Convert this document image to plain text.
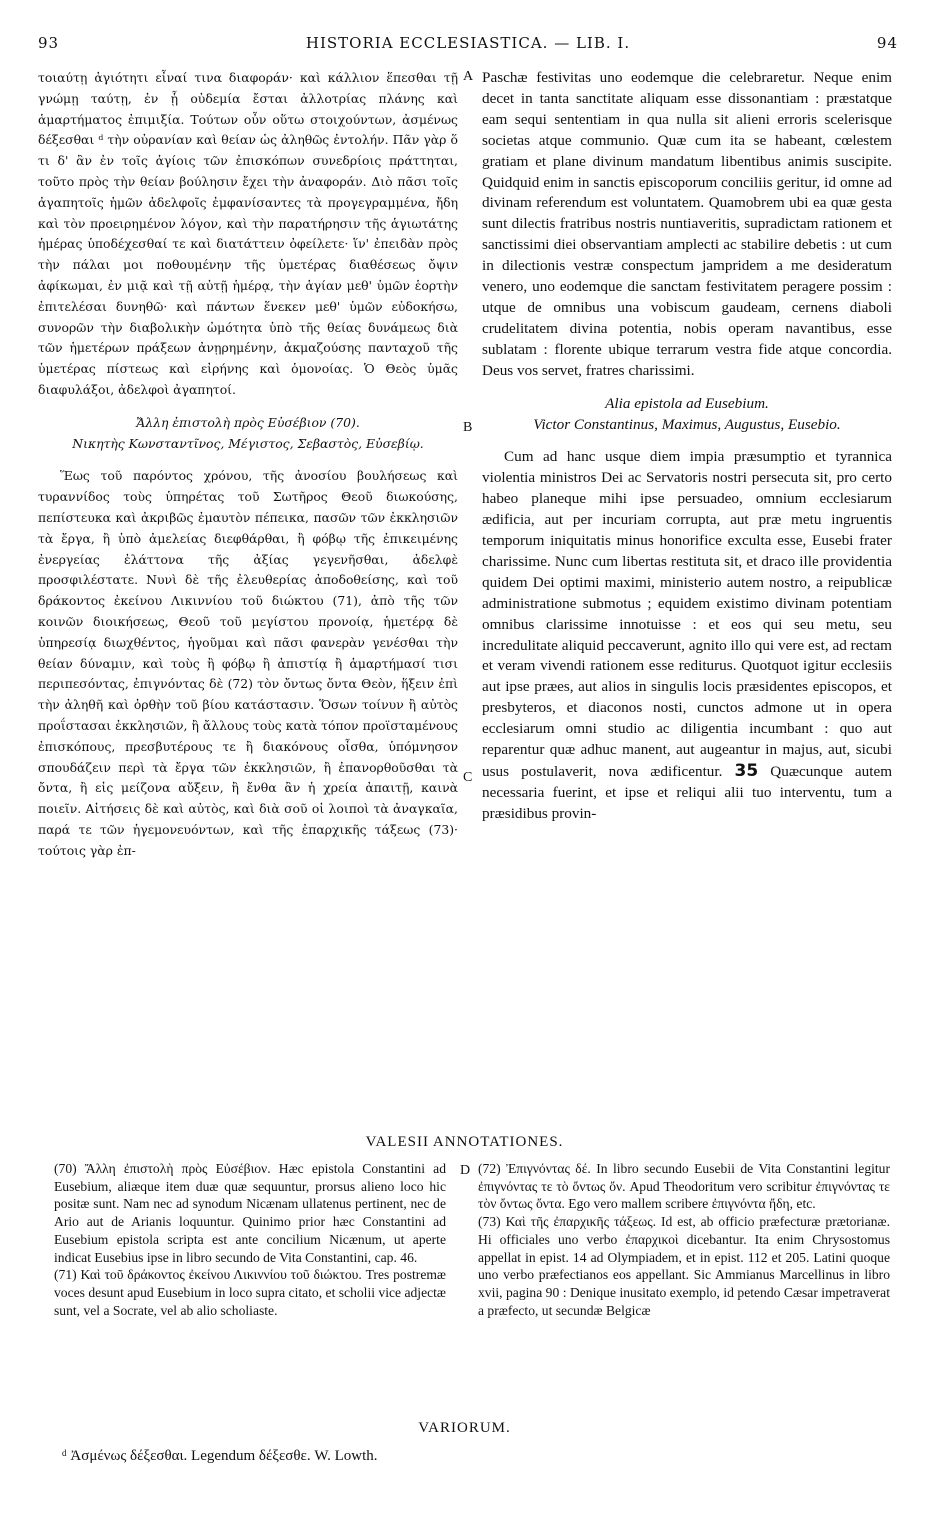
93	HISTORIA ECCLESIASTICA. — LIB. I.	94

τοιαύτῃ ἁγιότητι εἶναί τινα διαφοράν· καὶ κάλλιον ἕπεσθαι τῇ γνώμῃ ταύτῃ, ἐν ᾗ οὐδεμία ἔσται ἀλλοτρίας πλάνης καὶ ἁμαρτήματος ἐπιμιξία. Τούτων οὖν οὕτω στοιχούντων, ἀσμένως δέξεσθαι ᵈ τὴν οὐρανίαν καὶ θείαν ὡς ἀληθῶς ἐντολήν. Πᾶν γὰρ ὅ τι δ' ἂν ἐν τοῖς ἁγίοις τῶν ἐπισκόπων συνεδρίοις πράττηται, τοῦτο πρὸς τὴν θείαν βούλησιν ἔχει τὴν ἀναφοράν. Διὸ πᾶσι τοῖς ἀγαπητοῖς ἡμῶν ἀδελφοῖς ἐμφανίσαντες τὰ προγεγραμμένα, ἤδη καὶ τὸν προειρημένον λόγον, καὶ τὴν παρατήρησιν τῆς ἁγιωτάτης ἡμέρας ὑποδέχεσθαί τε καὶ διατάττειν ὀφείλετε· ἵν' ἐπειδὰν πρὸς τὴν πάλαι μοι ποθουμένην τῆς ὑμετέρας διαθέσεως ὄψιν ἀφίκωμαι, ἐν μιᾷ καὶ τῇ αὐτῇ ἡμέρᾳ, τὴν ἁγίαν μεθ' ὑμῶν ἑορτὴν ἐπιτελέσαι δυνηθῶ· καὶ πάντων ἕνεκεν μεθ' ὑμῶν εὐδοκήσω, συνορῶν τὴν διαβολικὴν ὠμότητα ὑπὸ τῆς θείας δυνάμεως διὰ τῶν ἡμετέρων πράξεων ἀνῃρημένην, ἀκμαζούσης πανταχοῦ τῆς ὑμετέρας πίστεως καὶ εἰρήνης καὶ ὁμονοίας. Ὁ Θεὸς ὑμᾶς διαφυλάξοι, ἀδελφοὶ ἀγαπητοί.

Ἄλλη ἐπιστολὴ πρὸς Εὐσέβιον (70).

Νικητὴς Κωνσταντῖνος, Μέγιστος, Σεβαστὸς, Εὐσεβίῳ.

Ἕως τοῦ παρόντος χρόνου, τῆς ἀνοσίου βουλήσεως καὶ τυραννίδος τοὺς ὑπηρέτας τοῦ Σωτῆρος Θεοῦ διωκούσης, πεπίστευκα καὶ ἀκριβῶς ἐμαυτὸν πέπεικα, πασῶν τῶν ἐκκλησιῶν τὰ ἔργα, ἢ ὑπὸ ἀμελείας διεφθάρθαι, ἢ φόβῳ τῆς ἐπικειμένης ἐνεργείας ἐλάττονα τῆς ἀξίας γεγενῆσθαι, ἀδελφὲ προσφιλέστατε. Νυνὶ δὲ τῆς ἐλευθερίας ἀποδοθείσης, καὶ τοῦ δράκοντος ἐκείνου Λικιννίου τοῦ διώκτου (71), ἀπὸ τῆς τῶν κοινῶν διοικήσεως, Θεοῦ τοῦ μεγίστου προνοίᾳ, ἡμετέρᾳ δὲ ὑπηρεσίᾳ διωχθέντος, ἡγοῦμαι καὶ πᾶσι φανερὰν γενέσθαι τὴν θείαν δύναμιν, καὶ τοὺς ἢ φόβῳ ἢ ἀπιστίᾳ ἢ ἁμαρτήμασί τισι περιπεσόντας, ἐπιγνόντας δὲ (72) τὸν ὄντως ὄντα Θεὸν, ἥξειν ἐπὶ τὴν ἀληθῆ καὶ ὀρθὴν τοῦ βίου κατάστασιν. Ὅσων τοίνυν ἢ αὐτὸς προΐστασαι ἐκκλησιῶν, ἢ ἄλλους τοὺς κατὰ τόπον προϊσταμένους ἐπισκόπους, πρεσβυτέρους τε ἢ διακόνους οἶσθα, ὑπόμνησον σπουδάζειν περὶ τὰ ἔργα τῶν ἐκκλησιῶν, ἢ ἐπανορθοῦσθαι τὰ ὄντα, ἢ εἰς μείζονα αὔξειν, ἢ ἔνθα ἂν ἡ χρεία ἀπαιτῇ, καινὰ ποιεῖν. Αἰτήσεις δὲ καὶ αὐτὸς, καὶ διὰ σοῦ οἱ λοιποὶ τὰ ἀναγκαῖα, παρά τε τῶν ἡγεμονευόντων, καὶ τῆς ἐπαρχικῆς τάξεως (73)· τούτοις γὰρ ἐπ-

Paschæ festivitas uno eodemque die celebraretur. Neque enim decet in tanta sanctitate aliquam esse dissonantiam : præstatque eam sequi sententiam in qua nulla sit alieni erroris scelerisque societas atque communio. Quæ cum ita se habeant, cœlestem gratiam et plane divinum mandatum libentibus animis suscipite. Quidquid enim in sanctis episcoporum conciliis geritur, id omne ad divinam referendum est voluntatem. Quamobrem ubi ea quæ gesta sunt dilectis fratribus nostris nuntiaveritis, supradictam rationem et sanctissimi diei observantiam amplecti ac stabilire debetis : ut cum in dilectionis vestræ conspectum jampridem a me desideratum venero, uno eodemque die sanctam festivitatem peragere possim : utque de omnibus una vobiscum gaudeam, cernens diaboli crudelitatem divina potentia, nobis operam navantibus, esse sublatam : florente ubique terrarum vestra fide atque concordia. Deus vos servet, fratres charissimi.

Alia epistola ad Eusebium.

Victor Constantinus, Maximus, Augustus, Eusebio.

Cum ad hanc usque diem impia præsumptio et tyrannica violentia ministros Dei ac Servatoris nostri persecuta sit, pro certo habeo planeque mihi ipse persuadeo, omnium ecclesiarum ædificia, aut per incuriam corrupta, aut præ metu ingruentis temporum iniquitatis minus honorifice exculta esse, Eusebi frater charissime. Nunc cum libertas restituta sit, et draco ille providentia quidem Dei optimi maximi, ministerio autem nostro, a reipublicæ administratione submotus ; equidem existimo divinam potentiam omnibus clarissime innotuisse : et eos qui seu metu, seu incredulitate aliquid peccaverunt, agnito illo qui vere est, ad rectam et veram vivendi rationem esse rediturus. Quotquot igitur ecclesiis aut ipse præes, aut alios in singulis locis præsidentes episcopos, et presbyteros, et diaconos nosti, cunctos admone ut in opera ecclesiarum omni studio ac diligentia incumbant : quo aut reparentur quæ adhuc manent, aut augeantur in majus, aut, sicubi usus postulaverit, nova ædificentur. 35 Quæcunque autem necessaria fuerint, et ipse et reliqui alii tuo interventu, tum a præsidibus provin-

A
B
C
D
VALESII ANNOTATIONES.

(70) Ἄλλη ἐπιστολὴ πρὸς Εὐσέβιον. Hæc epistola Constantini ad Eusebium, aliæque item duæ quæ sequuntur, prorsus alieno loco hic positæ sunt. Nam nec ad synodum Nicænam ullatenus pertinent, nec de Ario aut de Arianis loquuntur. Quinimo prior hæc Constantini ad Eusebium epistola scripta est ante concilium Nicænum, ut aperte indicat Eusebius ipse in libro secundo de Vita Constantini, cap. 46.

(71) Καὶ τοῦ δράκοντος ἐκείνου Λικιννίου τοῦ διώκτου. Tres postremæ voces desunt apud Eusebium in loco supra citato, et scholii vice adjectæ sunt, vel a Socrate, vel ab alio scholiaste.

(72) Ἐπιγνόντας δέ. In libro secundo Eusebii de Vita Constantini legitur ἐπιγνόντας τε τὸ ὄντως ὄν. Apud Theodoritum vero scribitur ἐπιγνόντας τε τὸν ὄντως ὄντα. Ego vero mallem scribere ἐπιγνόντα ἤδη, etc.

(73) Καὶ τῆς ἐπαρχικῆς τάξεως. Id est, ab officio præfecturæ prætorianæ. Hi officiales uno verbo ἐπαρχικοὶ dicebantur. Ita enim Chrysostomus appellat in epist. 14 ad Olympiadem, et in epist. 112 et 205. Latini quoque uno verbo præfectianos eos appellant. Sic Ammianus Marcellinus in libro xvii, pagina 90 : Denique inusitato exemplo, id petendo Cæsar impetraverat a præfecto, ut secundæ Belgicæ

VARIORUM.
ᵈ Ἀσμένως δέξεσθαι. Legendum δέξεσθε. W. Lowth.
